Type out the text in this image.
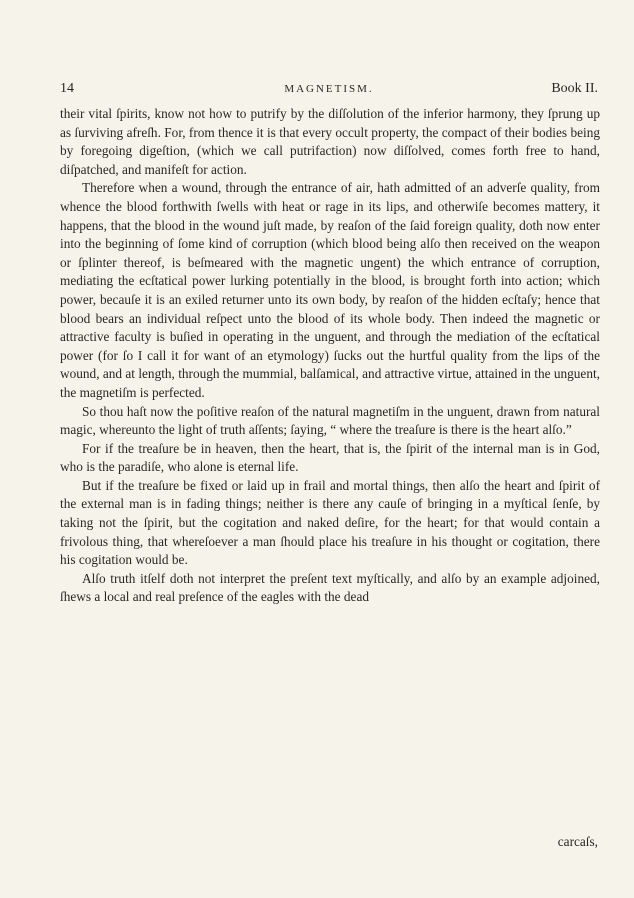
14	MAGNETISM.	Book II.

their vital ſpirits, know not how to putrify by the diſſolution of the inferior harmony, they ſprung up as ſurviving afreſh. For, from thence it is that every occult property, the compact of their bodies being by foregoing digeſtion, (which we call putrifaction) now diſſolved, comes forth free to hand, diſpatched, and manifeſt for action.

Therefore when a wound, through the entrance of air, hath admitted of an adverſe quality, from whence the blood forthwith ſwells with heat or rage in its lips, and otherwiſe becomes mattery, it happens, that the blood in the wound juſt made, by reaſon of the ſaid foreign quality, doth now enter into the beginning of ſome kind of corruption (which blood being alſo then received on the weapon or ſplinter thereof, is beſmeared with the magnetic ungent) the which entrance of corruption, mediating the ecſtatical power lurking potentially in the blood, is brought forth into action; which power, becauſe it is an exiled returner unto its own body, by reaſon of the hidden ecſtaſy; hence that blood bears an individual reſpect unto the blood of its whole body. Then indeed the magnetic or attractive faculty is buſied in operating in the unguent, and through the mediation of the ecſtatical power (for ſo I call it for want of an etymology) ſucks out the hurtful quality from the lips of the wound, and at length, through the mummial, balſamical, and attractive virtue, attained in the unguent, the magnetiſm is perfected.

So thou haſt now the poſitive reaſon of the natural magnetiſm in the unguent, drawn from natural magic, whereunto the light of truth aſſents; ſaying, “ where the treaſure is there is the heart alſo.”

For if the treaſure be in heaven, then the heart, that is, the ſpirit of the internal man is in God, who is the paradiſe, who alone is eternal life.

But if the treaſure be fixed or laid up in frail and mortal things, then alſo the heart and ſpirit of the external man is in fading things; neither is there any cauſe of bringing in a myſtical ſenſe, by taking not the ſpirit, but the cogitation and naked deſire, for the heart; for that would contain a frivolous thing, that whereſoever a man ſhould place his treaſure in his thought or cogitation, there his cogitation would be.

Alſo truth itſelf doth not interpret the preſent text myſtically, and alſo by an example adjoined, ſhews a local and real preſence of the eagles with the dead

carcaſs,
